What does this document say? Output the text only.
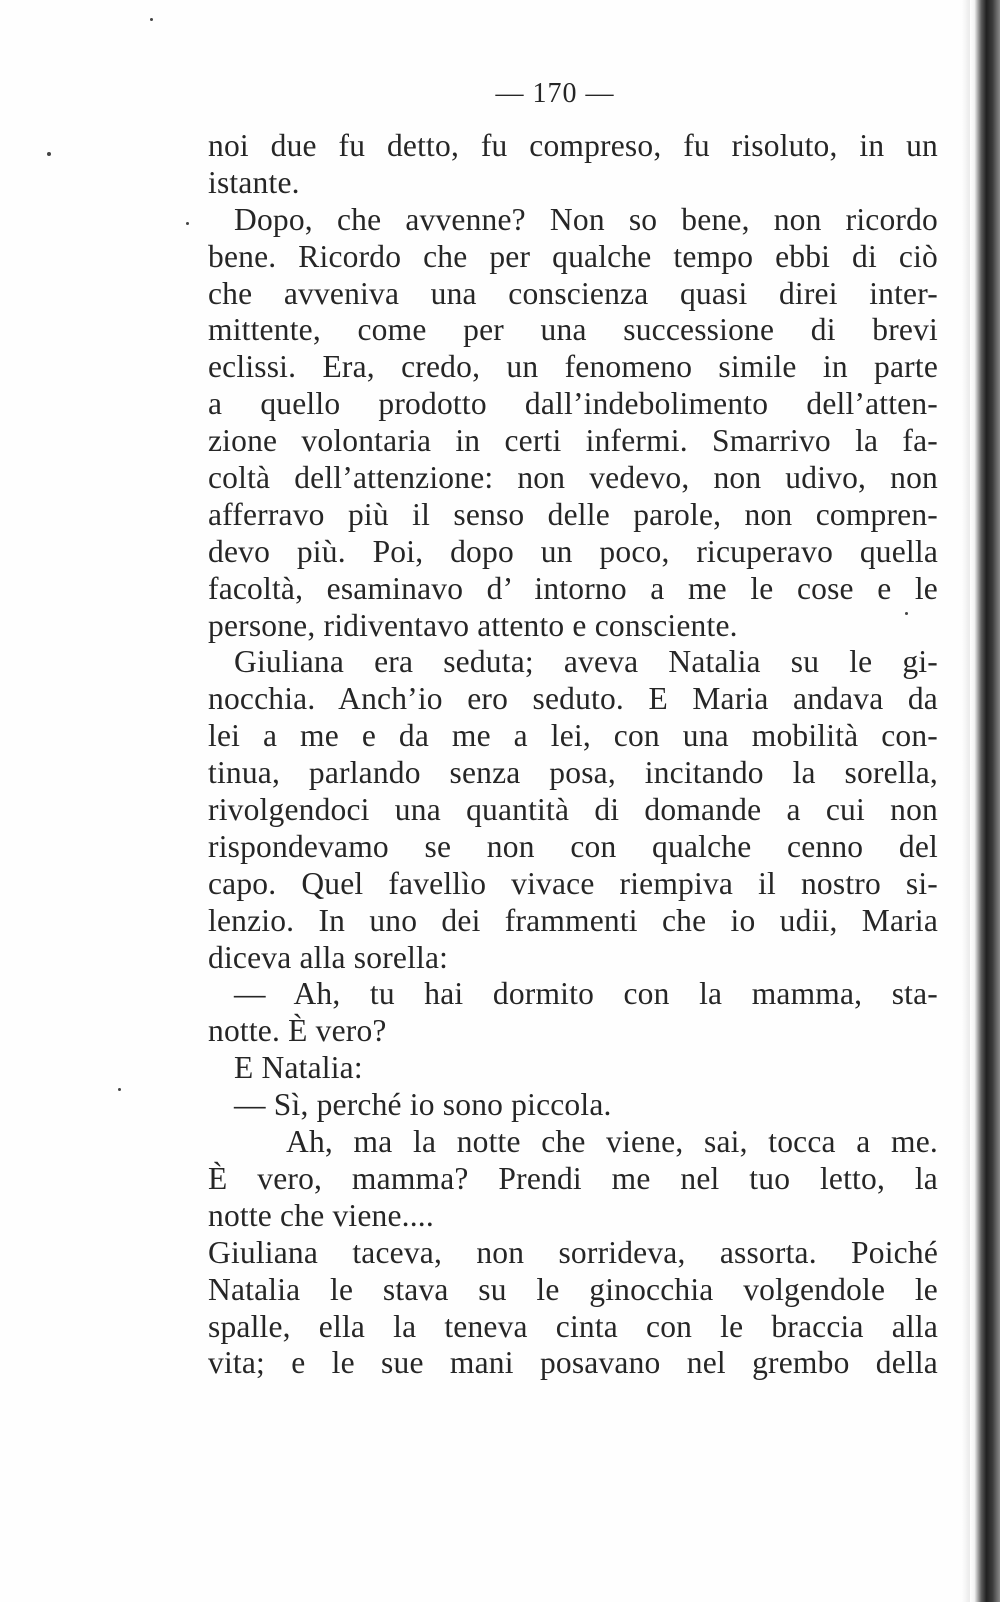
— 170 —
noi due fu detto, fu compreso, fu risoluto, in un
istante.
Dopo, che avvenne? Non so bene, non ricordo
bene. Ricordo che per qualche tempo ebbi di ciò
che avveniva una conscienza quasi direi inter-
mittente, come per una successione di brevi
eclissi. Era, credo, un fenomeno simile in parte
a quello prodotto dall’indebolimento dell’atten-
zione volontaria in certi infermi. Smarrivo la fa-
coltà dell’attenzione: non vedevo, non udivo, non
afferravo più il senso delle parole, non compren-
devo più. Poi, dopo un poco, ricuperavo quella
facoltà, esaminavo d’ intorno a me le cose e le
persone, ridiventavo attento e consciente.
Giuliana era seduta; aveva Natalia su le gi-
nocchia. Anch’io ero seduto. E Maria andava da
lei a me e da me a lei, con una mobilità con-
tinua, parlando senza posa, incitando la sorella,
rivolgendoci una quantità di domande a cui non
rispondevamo se non con qualche cenno del
capo. Quel favellìo vivace riempiva il nostro si-
lenzio. In uno dei frammenti che io udii, Maria
diceva alla sorella:
— Ah, tu hai dormito con la mamma, sta-
notte. È vero?
E Natalia:
— Sì, perché io sono piccola.
Ah, ma la notte che viene, sai, tocca a me.
È vero, mamma? Prendi me nel tuo letto, la
notte che viene....
Giuliana taceva, non sorrideva, assorta. Poiché
Natalia le stava su le ginocchia volgendole le
spalle, ella la teneva cinta con le braccia alla
vita; e le sue mani posavano nel grembo della
